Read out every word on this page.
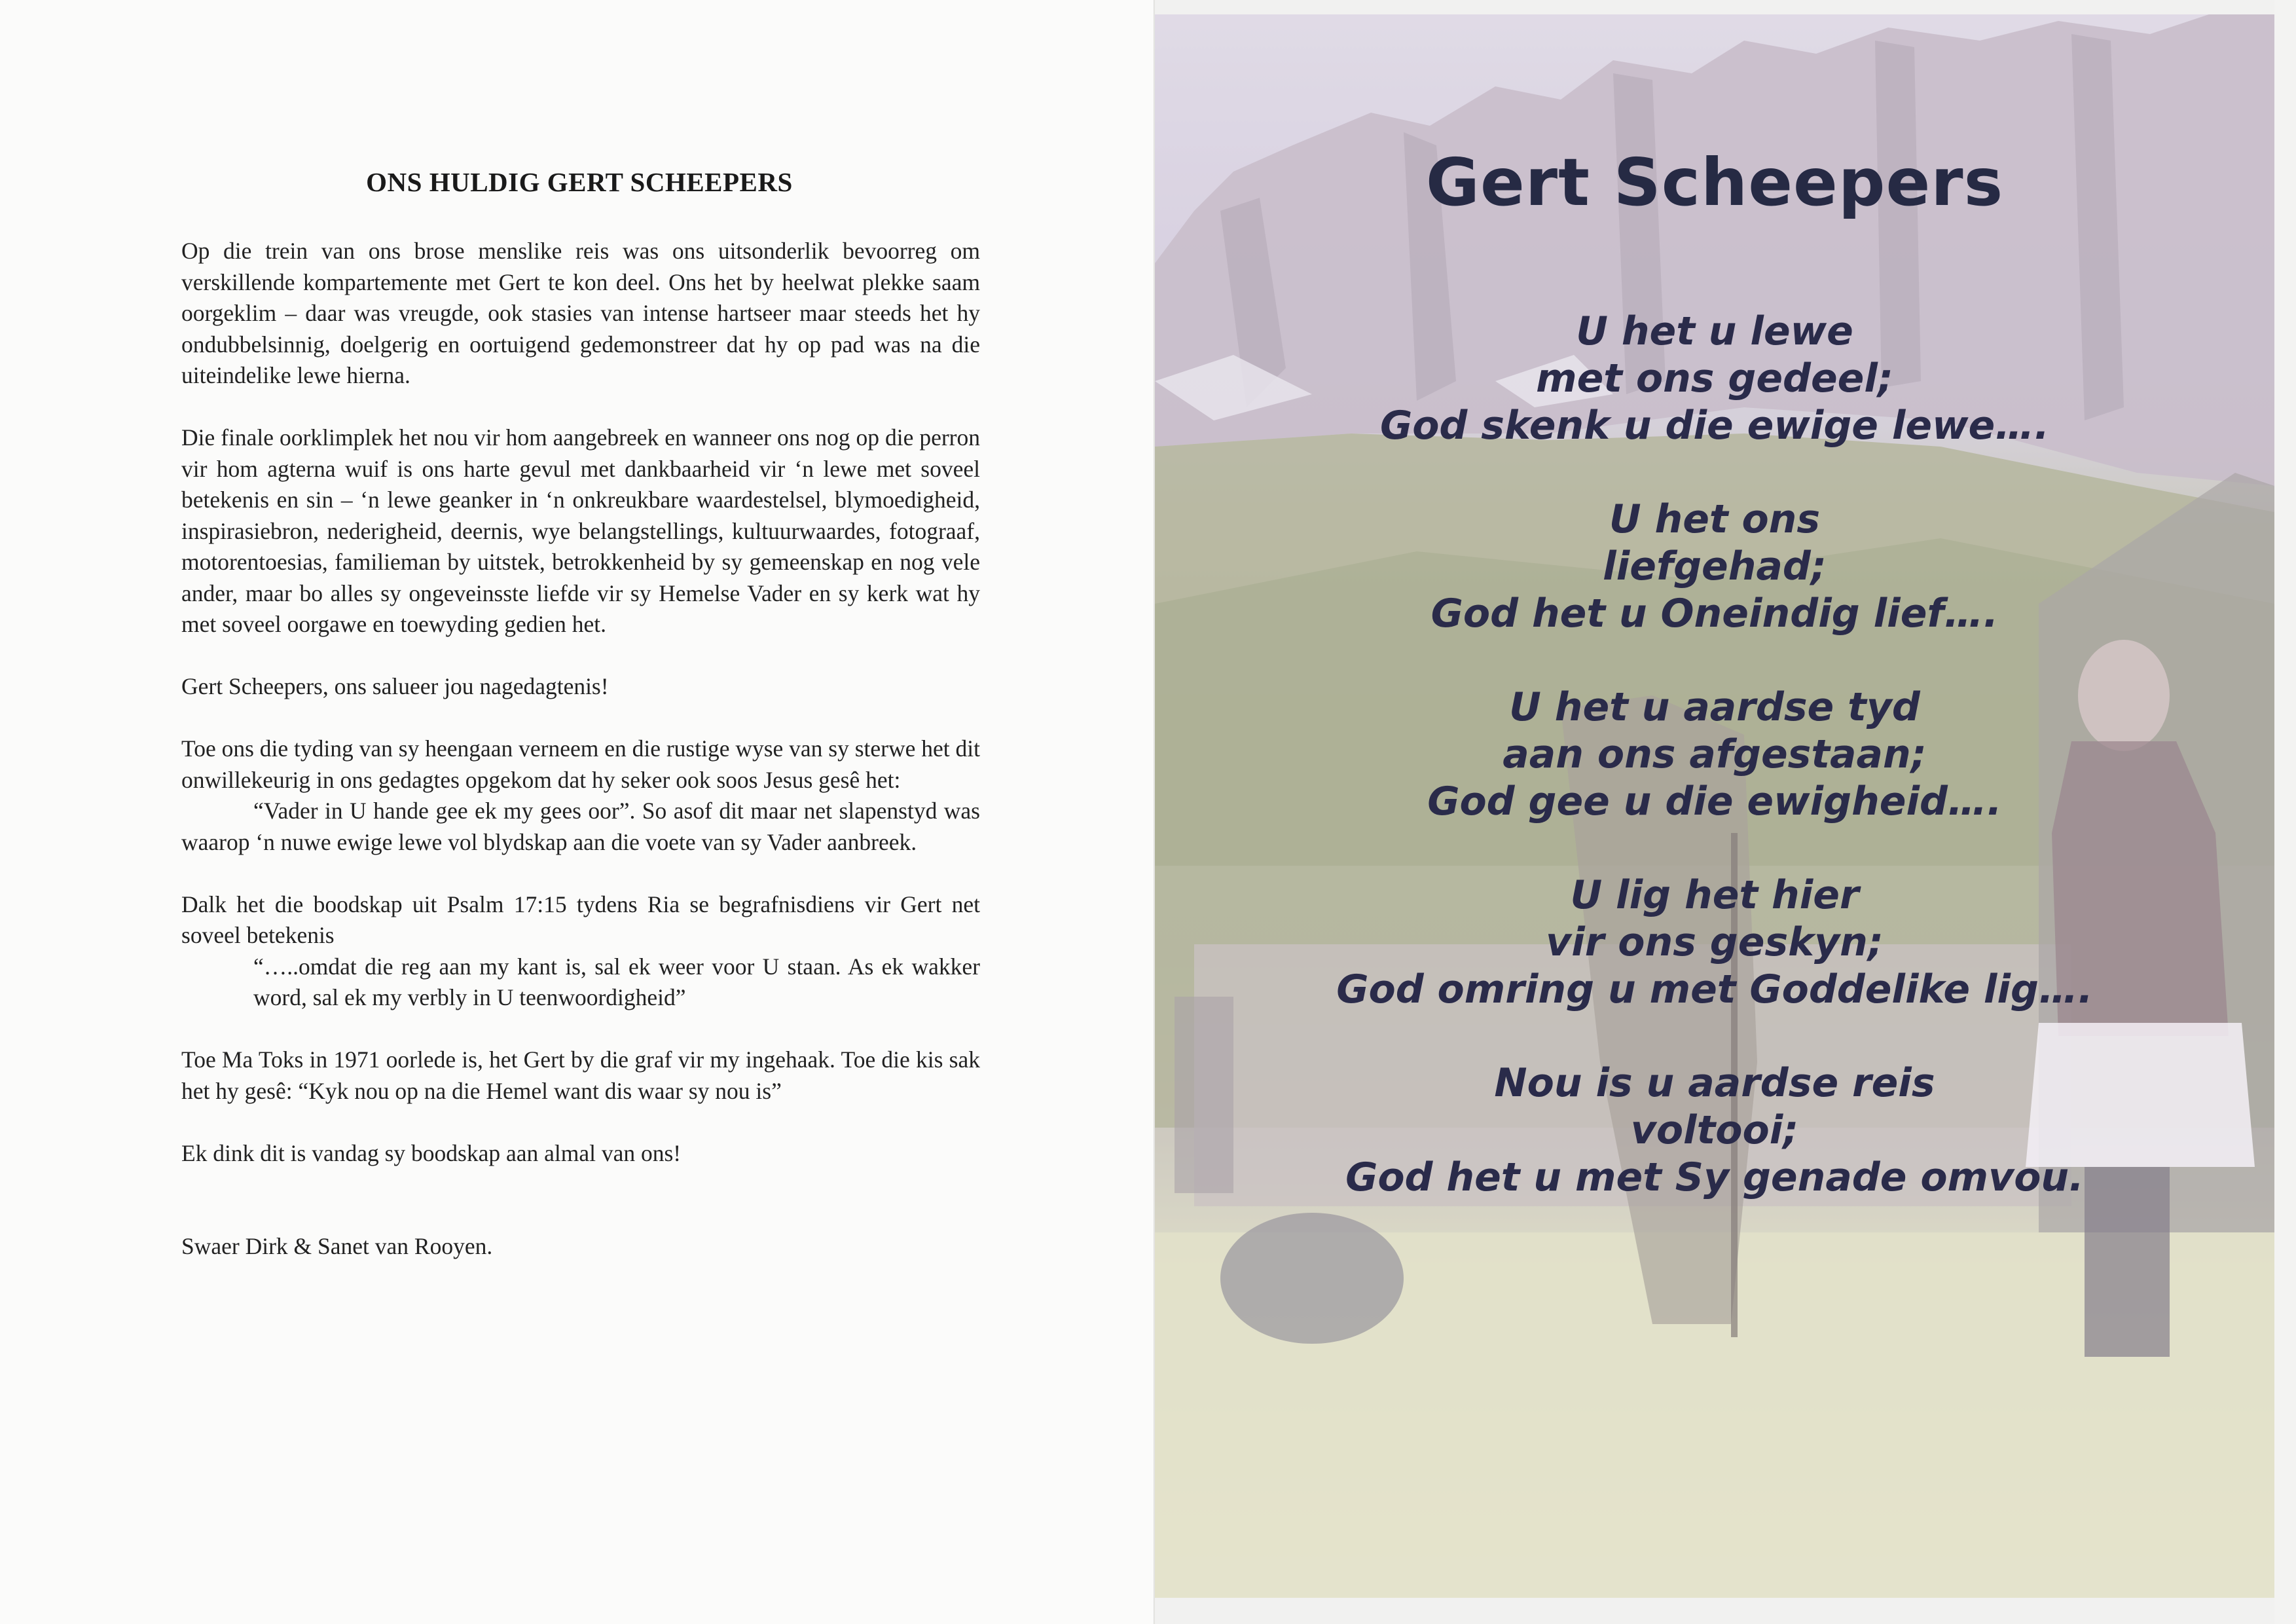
ONS HULDIG GERT SCHEEPERS

Op die trein van ons brose menslike reis was ons uitsonderlik bevoorreg om verskillende kompartemente met Gert te kon deel. Ons het by heelwat plekke saam oorgeklim – daar was vreugde, ook stasies van intense hartseer maar steeds het hy ondubbelsinnig, doelgerig en oortuigend gedemonstreer dat hy op pad was na die uiteindelike lewe hierna.

Die finale oorklimplek het nou vir hom aangebreek en wanneer ons nog op die perron vir hom agterna wuif is ons harte gevul met dankbaarheid vir ‘n lewe met soveel betekenis en sin – ‘n lewe geanker in ‘n onkreukbare waardestelsel, blymoedigheid, inspirasiebron, nederigheid, deernis, wye belangstellings, kultuurwaardes, fotograaf, motorentoesias, familieman by uitstek, betrokkenheid by sy gemeenskap en nog vele ander, maar bo alles sy ongeveinsste liefde vir sy Hemelse Vader en sy kerk wat hy met soveel oorgawe en toewyding gedien het.

Gert Scheepers, ons salueer jou nagedagtenis!

Toe ons die tyding van sy heengaan verneem en die rustige wyse van sy sterwe het dit onwillekeurig in ons gedagtes opgekom dat hy seker ook soos Jesus gesê het:

“Vader in U hande gee ek my gees oor”. So asof dit maar net slapenstyd was waarop ‘n nuwe ewige lewe vol blydskap aan die voete van sy Vader aanbreek.

Dalk het die boodskap uit Psalm 17:15 tydens Ria se begrafnisdiens vir Gert net soveel betekenis

“…..omdat die reg aan my kant is, sal ek weer voor U staan. As ek wakker word, sal ek my verbly in U teenwoordigheid”

Toe Ma Toks in 1971 oorlede is, het Gert by die graf vir my ingehaak. Toe die kis sak het hy gesê: “Kyk nou op na die Hemel want dis waar sy nou is”

Ek dink dit is vandag sy boodskap aan almal van ons!

Swaer Dirk & Sanet van Rooyen.

Gert Scheepers
U het u lewe
met ons gedeel;
God skenk u die ewige lewe….
U het ons
liefgehad;
God het u Oneindig lief….
U het u aardse tyd
aan ons afgestaan;
God gee u die ewigheid….
U lig het hier
vir ons geskyn;
God omring u met Goddelike lig….
Nou is u aardse reis
voltooi;
God het u met Sy genade omvou.
